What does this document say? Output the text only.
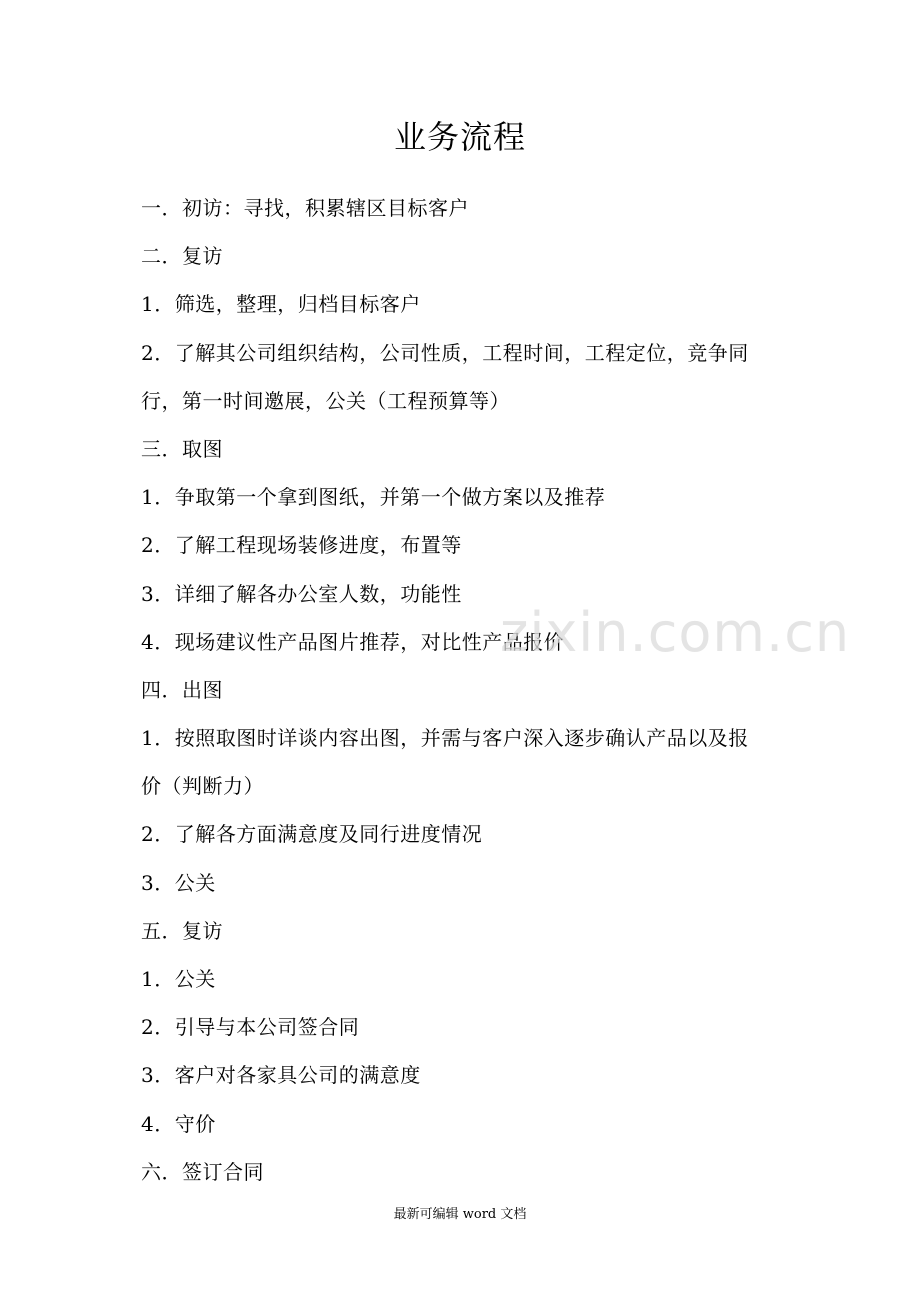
业务流程
一．初访：寻找，积累辖区目标客户
二．复访
1．筛选，整理，归档目标客户
2．了解其公司组织结构，公司性质，工程时间，工程定位，竞争同
行，第一时间邀展，公关（工程预算等）
三．取图
1．争取第一个拿到图纸，并第一个做方案以及推荐
2．了解工程现场装修进度，布置等
3．详细了解各办公室人数，功能性
4．现场建议性产品图片推荐，对比性产品报价
四．出图
1．按照取图时详谈内容出图，并需与客户深入逐步确认产品以及报
价（判断力）
2．了解各方面满意度及同行进度情况
3．公关
五．复访
1．公关
2．引导与本公司签合同
3．客户对各家具公司的满意度
4．守价
六．签订合同
zixin.com.cn
最新可编辑 word 文档
